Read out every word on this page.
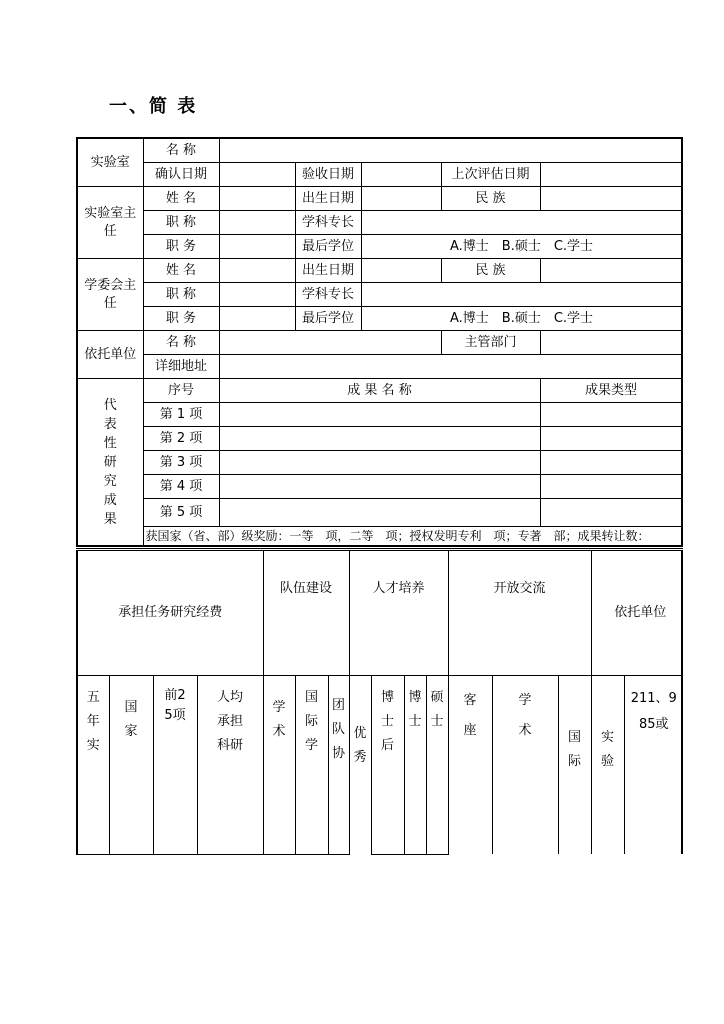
一、简 表
实验室	名 称						
	确认日期		验收日期		上次评估日期		
实验室主任	姓 名		出生日期		民 族		
	职 称		学科专长				
	职 务		最后学位	A.博士　B.硕士　C.学士			
学委会主任	姓 名		出生日期		民 族		
	职 称		学科专长				
	职 务		最后学位	A.博士　B.硕士　C.学士			
依托单位	名 称				主管部门		
	详细地址						
代表性研究成果	序号	成 果 名 称				成果类型	
	第 1 项						
	第 2 项						
	第 3 项						
	第 4 项						
	第 5 项						
	获国家（省、部）级奖励：一等　项，二等　项；授权发明专利　项；专著　部；成果转让数：						
承担任务研究经费				队伍建设			人才培养				开放交流			依托单位	
五年实	国家	前25项	人均承担科研	学术	国际学	团队协	优秀	博士后	博士	硕士	客座	学术	国际	实验	211、985或
